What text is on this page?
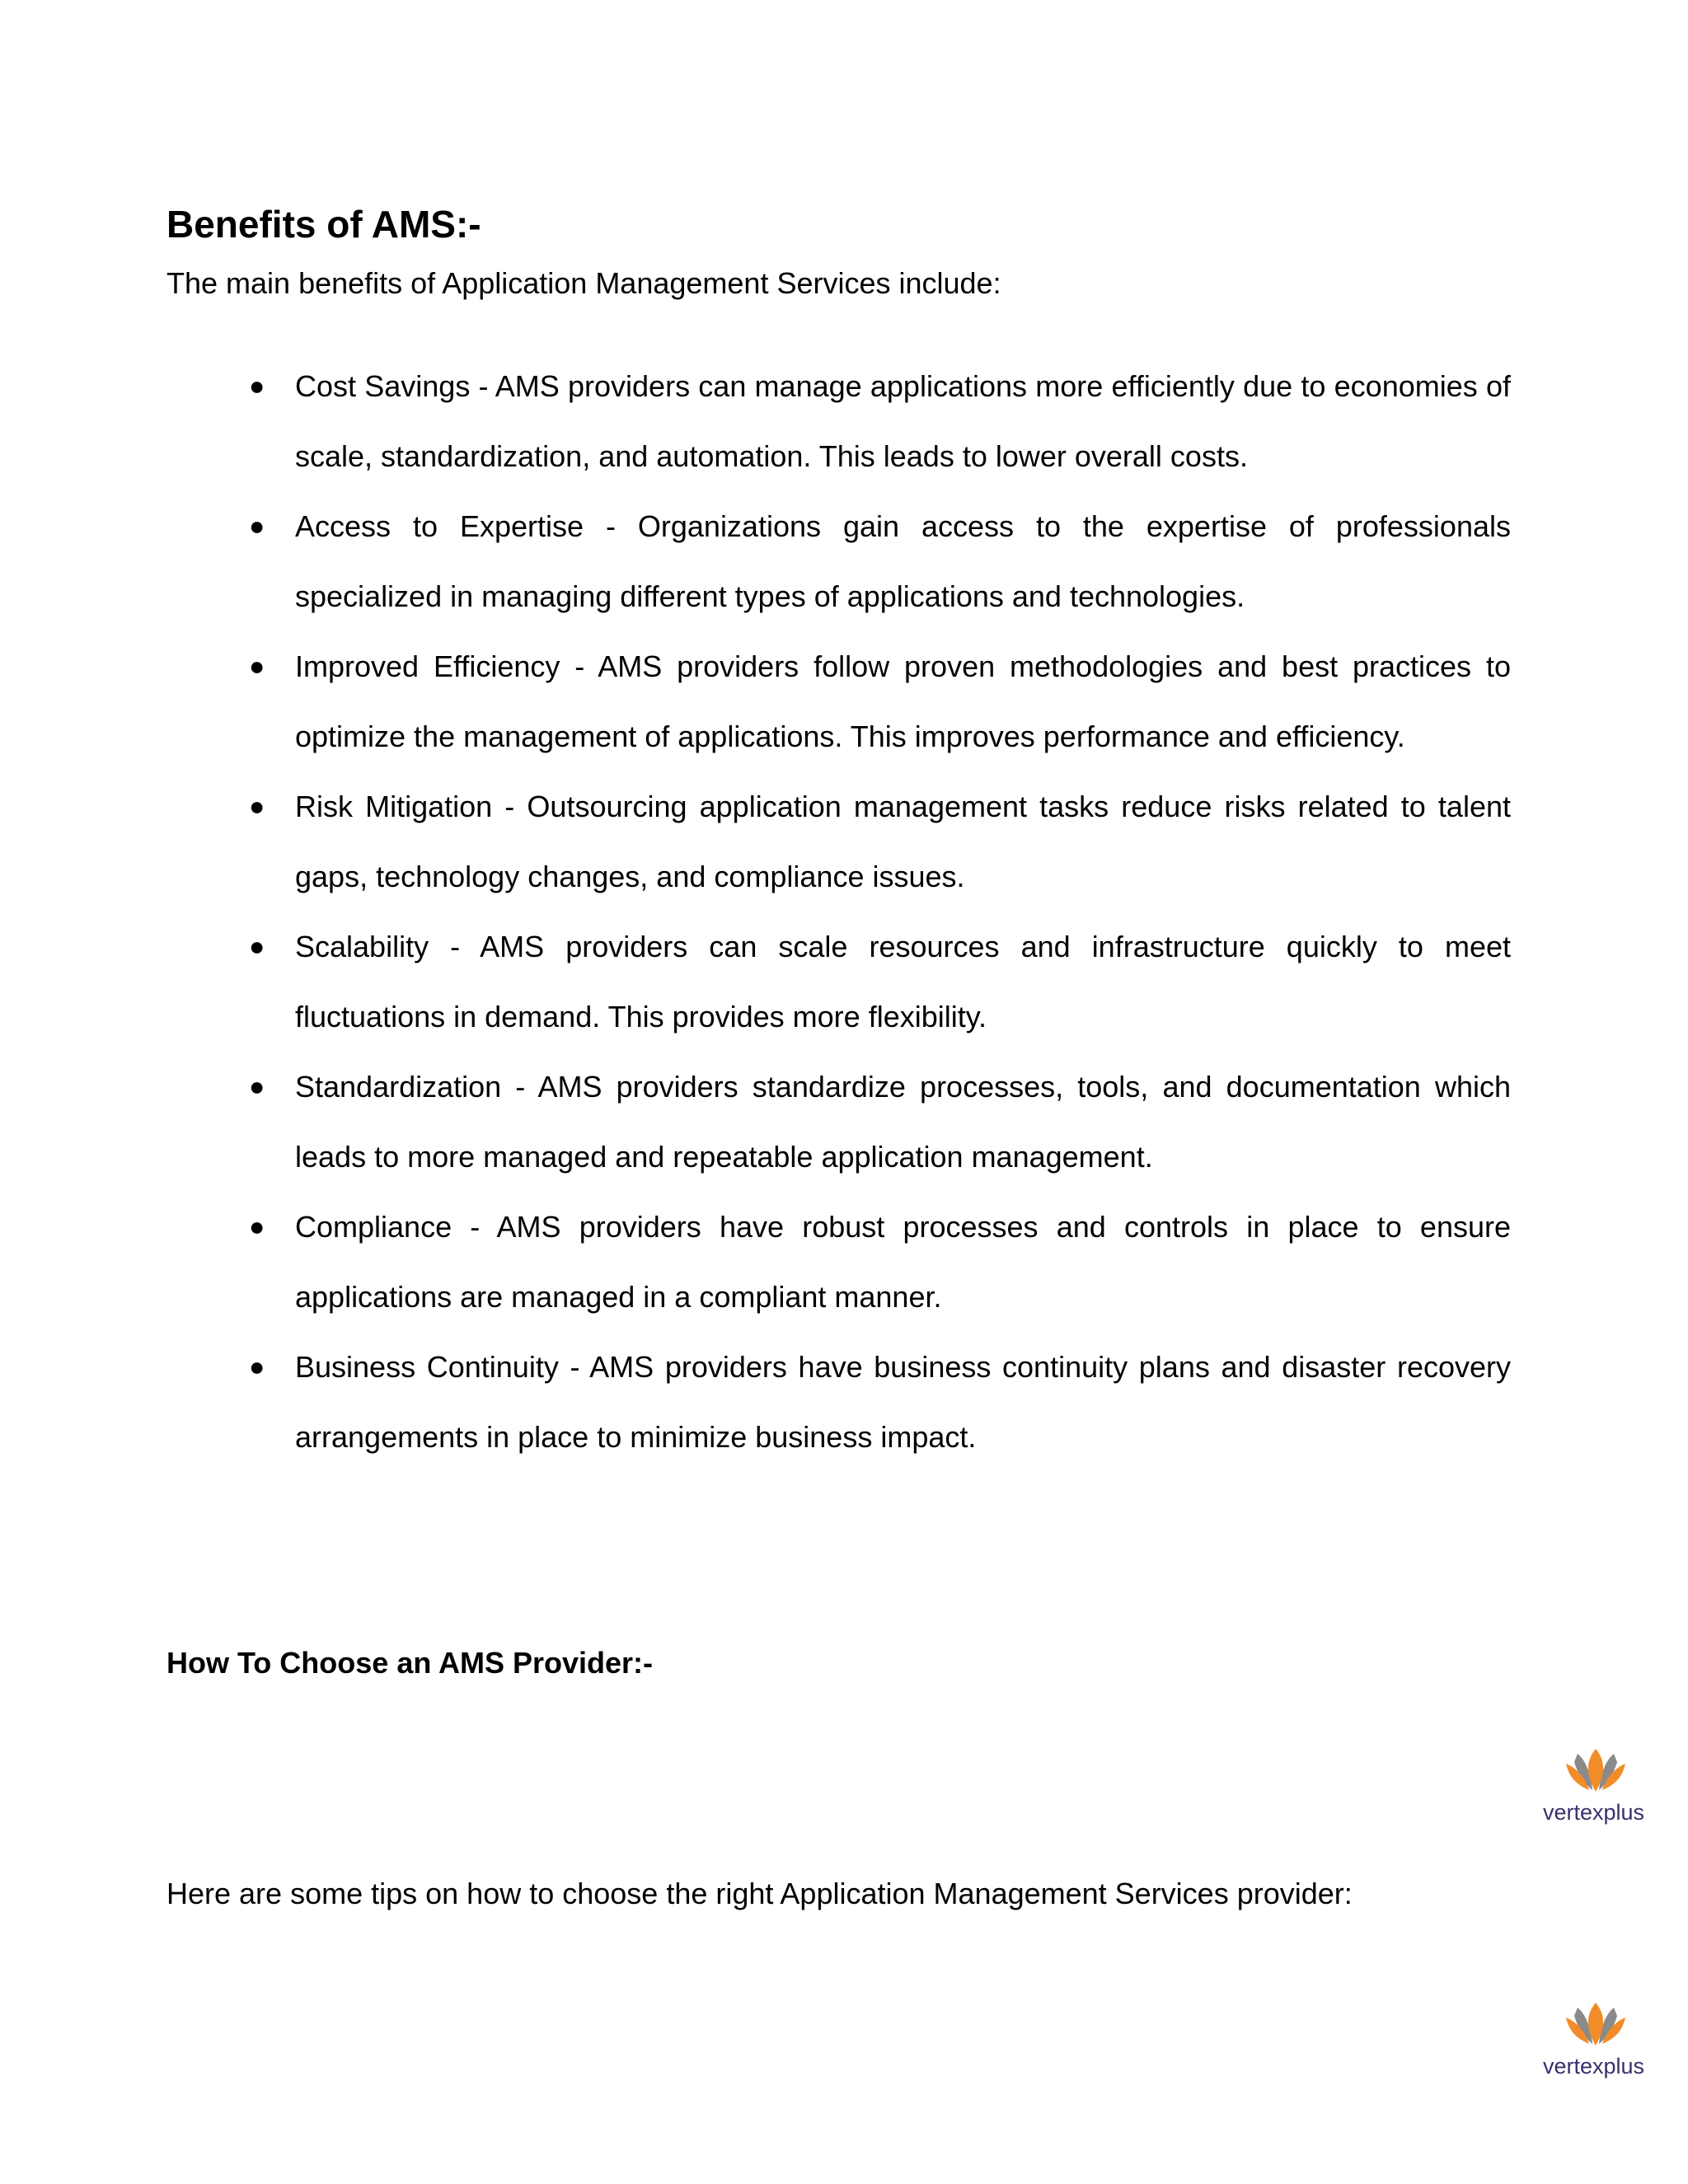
Benefits of AMS:-

The main benefits of Application Management Services include:

● Cost Savings - AMS providers can manage applications more efficiently due to economies of scale, standardization, and automation. This leads to lower overall costs.
● Access to Expertise - Organizations gain access to the expertise of professionals specialized in managing different types of applications and technologies.
● Improved Efficiency - AMS providers follow proven methodologies and best practices to optimize the management of applications. This improves performance and efficiency.
● Risk Mitigation - Outsourcing application management tasks reduce risks related to talent gaps, technology changes, and compliance issues.
● Scalability - AMS providers can scale resources and infrastructure quickly to meet fluctuations in demand. This provides more flexibility.
● Standardization - AMS providers standardize processes, tools, and documentation which leads to more managed and repeatable application management.
● Compliance - AMS providers have robust processes and controls in place to ensure applications are managed in a compliant manner.
● Business Continuity - AMS providers have business continuity plans and disaster recovery arrangements in place to minimize business impact.
How To Choose an AMS Provider:-
vertexplus

Here are some tips on how to choose the right Application Management Services provider:

vertexplus
